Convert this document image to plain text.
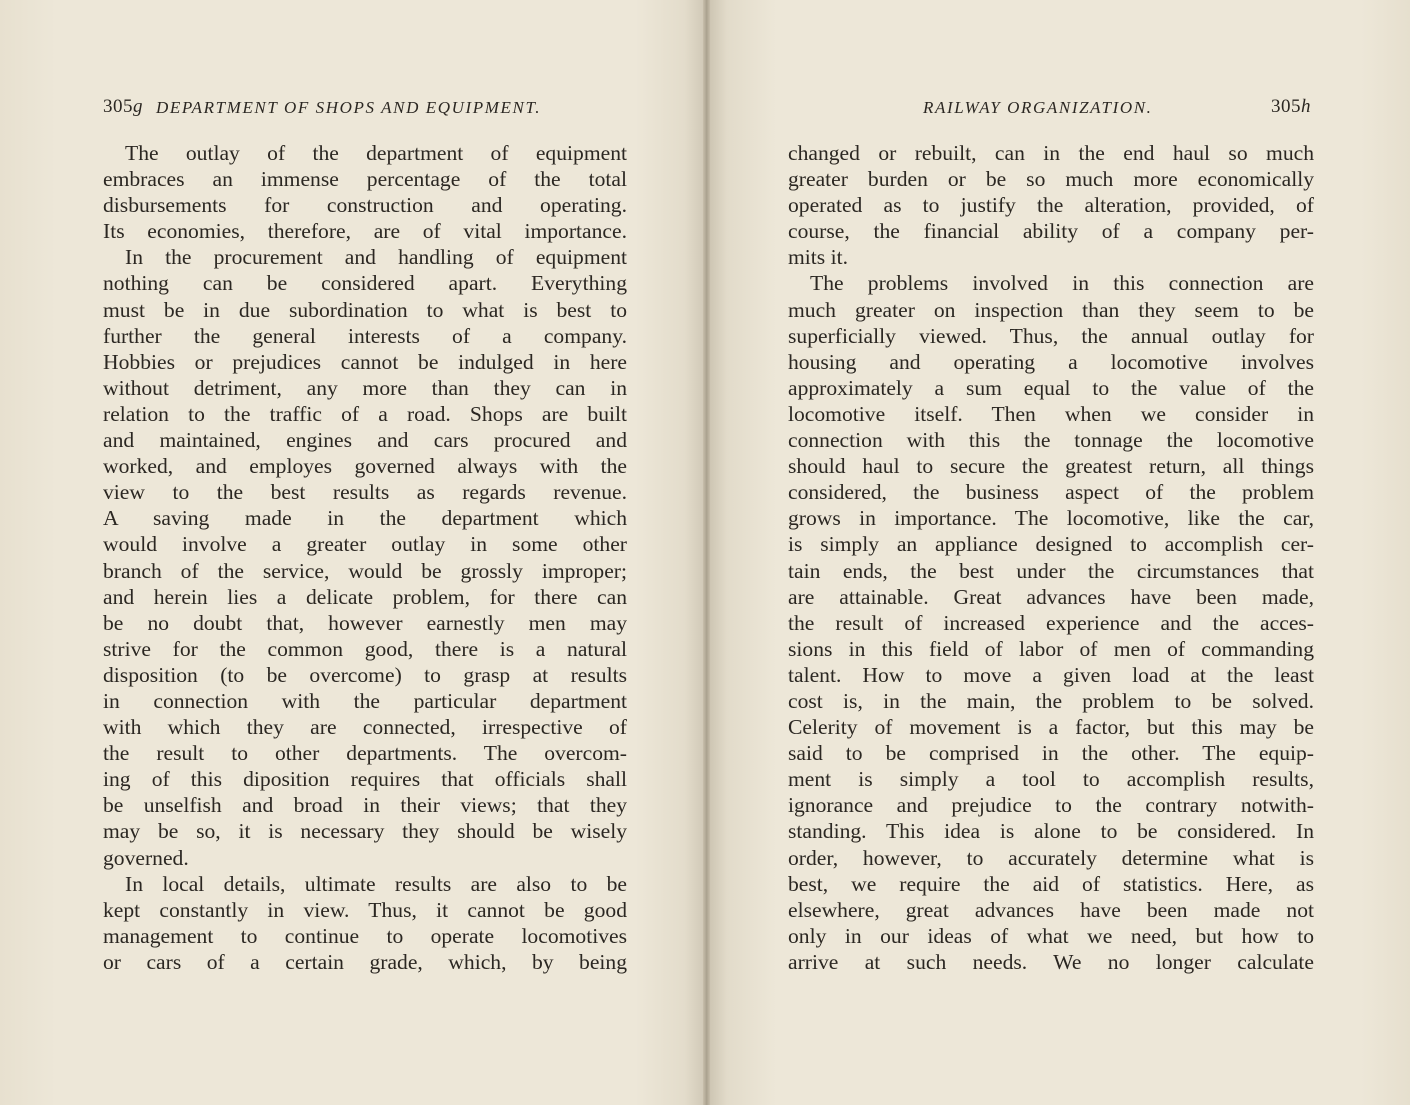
305g DEPARTMENT OF SHOPS AND EQUIPMENT.
The outlay of the department of equipment
embraces an immense percentage of the total
disbursements for construction and operating.
Its economies, therefore, are of vital importance.
In the procurement and handling of equipment
nothing can be considered apart. Everything
must be in due subordination to what is best to
further the general interests of a company.
Hobbies or prejudices cannot be indulged in here
without detriment, any more than they can in
relation to the traffic of a road. Shops are built
and maintained, engines and cars procured and
worked, and employes governed always with the
view to the best results as regards revenue.
A saving made in the department which
would involve a greater outlay in some other
branch of the service, would be grossly improper;
and herein lies a delicate problem, for there can
be no doubt that, however earnestly men may
strive for the common good, there is a natural
disposition (to be overcome) to grasp at results
in connection with the particular department
with which they are connected, irrespective of
the result to other departments. The overcom-
ing of this diposition requires that officials shall
be unselfish and broad in their views; that they
may be so, it is necessary they should be wisely
governed.
In local details, ultimate results are also to be
kept constantly in view. Thus, it cannot be good
management to continue to operate locomotives
or cars of a certain grade, which, by being
RAILWAY ORGANIZATION.	305h
changed or rebuilt, can in the end haul so much
greater burden or be so much more economically
operated as to justify the alteration, provided, of
course, the financial ability of a company per-
mits it.
The problems involved in this connection are
much greater on inspection than they seem to be
superficially viewed. Thus, the annual outlay for
housing and operating a locomotive involves
approximately a sum equal to the value of the
locomotive itself. Then when we consider in
connection with this the tonnage the locomotive
should haul to secure the greatest return, all things
considered, the business aspect of the problem
grows in importance. The locomotive, like the car,
is simply an appliance designed to accomplish cer-
tain ends, the best under the circumstances that
are attainable. Great advances have been made,
the result of increased experience and the acces-
sions in this field of labor of men of commanding
talent. How to move a given load at the least
cost is, in the main, the problem to be solved.
Celerity of movement is a factor, but this may be
said to be comprised in the other. The equip-
ment is simply a tool to accomplish results,
ignorance and prejudice to the contrary notwith-
standing. This idea is alone to be considered. In
order, however, to accurately determine what is
best, we require the aid of statistics. Here, as
elsewhere, great advances have been made not
only in our ideas of what we need, but how to
arrive at such needs. We no longer calculate
